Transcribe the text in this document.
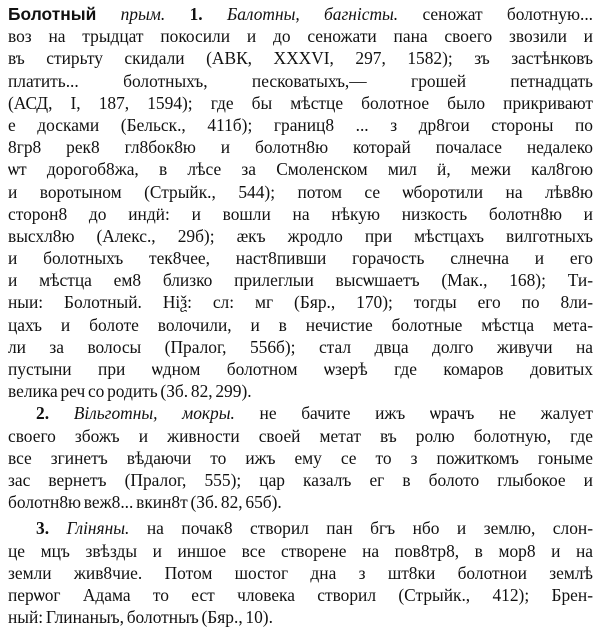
Болотный прым. 1. Балотны, багністы. сеножат болотную...
воз на трыдцат покосили и до сеножати пана своего звозили и
въ стирьту скидали (АВК, XXXVI, 297, 1582); зъ застѣнковъ
платить... болотныхъ, песковатыхъ,— грошей петнадцать
(АСД, I, 187, 1594); где бы мѣстце болотное было прикривают
е досками (Бельск., 411б); границ8 ... з др8гои стороны по
8гр8 рек8 гл8бок8ю и болотн8ю которай почаласе недалеко
ѡт дорогоб8жа, в лѣсе за Смоленском мил ӥ, межи кал8гою
и воротыном (Стрыйк., 544); потом се ѡборотили на лѣв8ю
сторон8 до индӥ: и вошли на нѣкую низкость болотн8ю и
высхл8ю (Алекс., 29б); ӕкъ жродло при мѣстцахъ вилготныхъ
и болотныхъ тек8чее, наст8пивши горачость слнечна и его
и мѣстца ем8 близко прилеглыи высѡшаетъ (Мак., 168); Ти-
ныи: Болотный. Ніѯ: сл: мг (Бяр., 170); тогды его по 8ли-
цахъ и болоте волочили, и в нечистие болотные мѣстца мета-
ли за волосы (Пралог, 556б); стал двца долго живучи на
пустыни при ѡдном болотном ѡзерѣ где комаров довитых
велика реч со родить (Зб. 82, 299).
2. Вільготны, мокры. не бачите ижъ ѡрачъ не жалует
своего збожъ и живности своей метат въ ролю болотную, где
все згинетъ вѣдаючи то ижъ ему се то з пожиткомъ гоныме
зас вернетъ (Пралог, 555); цар казалъ ег в болото глыбокое и
болотн8ю веж8... вкин8т (Зб. 82, 65б).
3. Гліняны. на почак8 створил пан бгъ нбо и землю, слон-
це мцъ звѣзды и иншое все створене на пов8тр8, в мор8 и на
земли жив8чие. Потом шостог дна з шт8ки болотнои землѣ
перѡог Адама то ест чловека створил (Стрыйк., 412); Брен-
ный: Глинаныъ, болотныъ (Бяр., 10).
